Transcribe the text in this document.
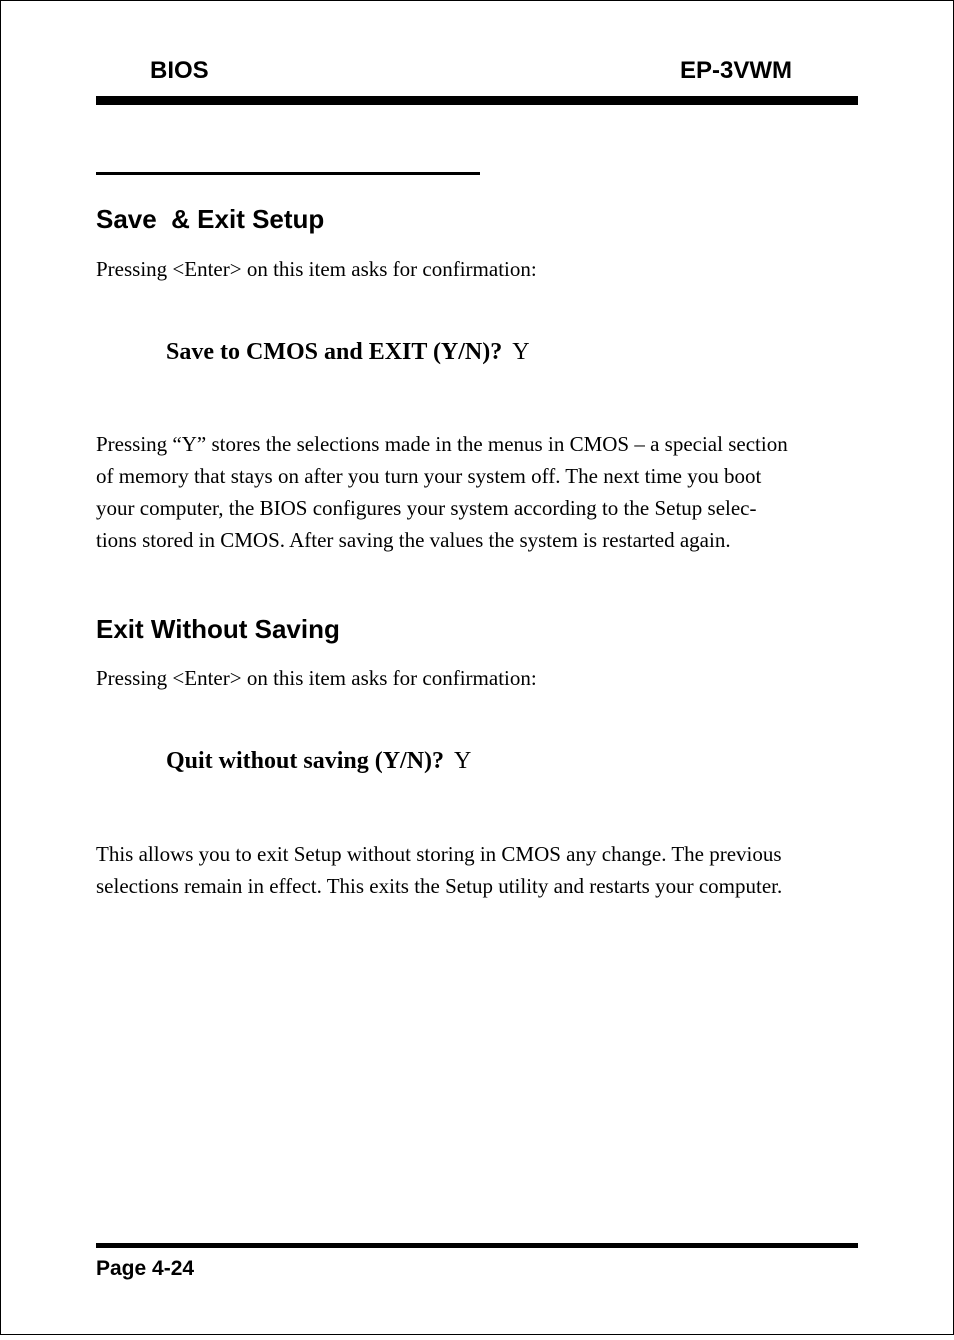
BIOS	EP-3VWM
Save  & Exit Setup

Pressing <Enter> on this item asks for confirmation:

Save to CMOS and EXIT (Y/N)? Y
Pressing “Y” stores the selections made in the menus in CMOS – a special section
of memory that stays on after you turn your system off. The next time you boot
your computer, the BIOS configures your system according to the Setup selec-
tions stored in CMOS. After saving the values the system is restarted again.
Exit Without Saving

Pressing <Enter> on this item asks for confirmation:

Quit without saving (Y/N)? Y
This allows you to exit Setup without storing in CMOS any change. The previous
selections remain in effect. This exits the Setup utility and restarts your computer.
Page 4-24
